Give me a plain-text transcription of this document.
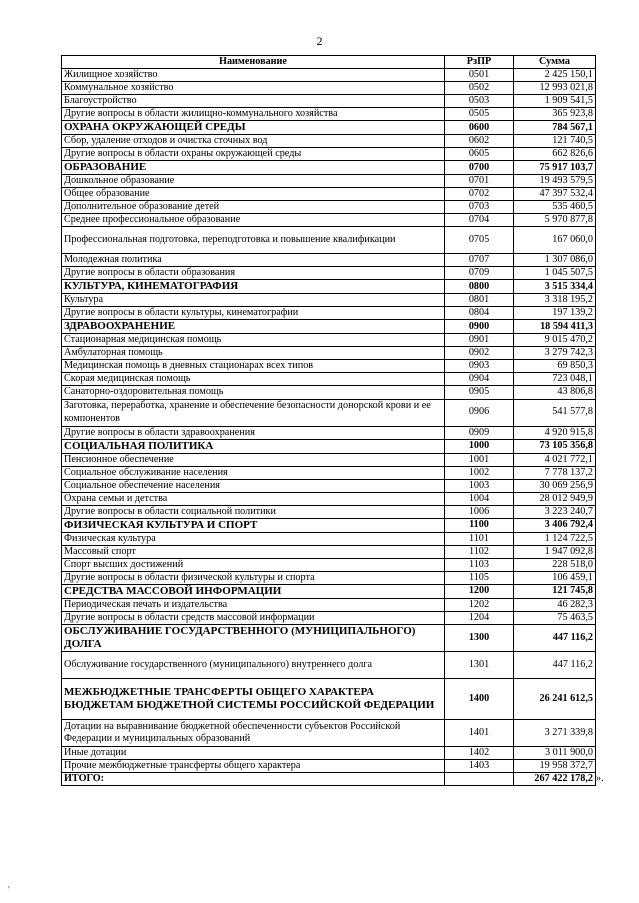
2
Наименование	РзПР	Сумма
Жилищное хозяйство	0501	2 425 150,1
Коммунальное хозяйство	0502	12 993 021,8
Благоустройство	0503	1 909 541,5
Другие вопросы в области жилищно-коммунального хозяйства	0505	365 923,8
ОХРАНА ОКРУЖАЮЩЕЙ СРЕДЫ	0600	784 567,1
Сбор, удаление отходов и очистка сточных вод	0602	121 740,5
Другие вопросы в области охраны окружающей среды	0605	662 826,6
ОБРАЗОВАНИЕ	0700	75 917 103,7
Дошкольное образование	0701	19 493 579,5
Общее образование	0702	47 397 532,4
Дополнительное образование детей	0703	535 460,5
Среднее профессиональное образование	0704	5 970 877,8
Профессиональная подготовка, переподготовка и повышение квалификации	0705	167 060,0
Молодежная политика	0707	1 307 086,0
Другие вопросы в области образования	0709	1 045 507,5
КУЛЬТУРА, КИНЕМАТОГРАФИЯ	0800	3 515 334,4
Культура	0801	3 318 195,2
Другие вопросы в области культуры, кинематографии	0804	197 139,2
ЗДРАВООХРАНЕНИЕ	0900	18 594 411,3
Стационарная медицинская помощь	0901	9 015 470,2
Амбулаторная помощь	0902	3 279 742,3
Медицинская помощь в дневных стационарах всех типов	0903	69 850,3
Скорая медицинская помощь	0904	723 048,1
Санаторно-оздоровительная помощь	0905	43 806,8
Заготовка, переработка, хранение и обеспечение безопасности донорской крови и ее компонентов	0906	541 577,8
Другие вопросы в области здравоохранения	0909	4 920 915,8
СОЦИАЛЬНАЯ ПОЛИТИКА	1000	73 105 356,8
Пенсионное обеспечение	1001	4 021 772,1
Социальное обслуживание населения	1002	7 778 137,2
Социальное обеспечение населения	1003	30 069 256,9
Охрана семьи и детства	1004	28 012 949,9
Другие вопросы в области социальной политики	1006	3 223 240,7
ФИЗИЧЕСКАЯ КУЛЬТУРА И СПОРТ	1100	3 406 792,4
Физическая культура	1101	1 124 722,5
Массовый спорт	1102	1 947 092,8
Спорт высших достижений	1103	228 518,0
Другие вопросы в области физической культуры и спорта	1105	106 459,1
СРЕДСТВА МАССОВОЙ ИНФОРМАЦИИ	1200	121 745,8
Периодическая печать и издательства	1202	46 282,3
Другие вопросы в области средств массовой информации	1204	75 463,5
ОБСЛУЖИВАНИЕ ГОСУДАРСТВЕННОГО (МУНИЦИПАЛЬНОГО) ДОЛГА	1300	447 116,2
Обслуживание государственного (муниципального) внутреннего долга	1301	447 116,2
МЕЖБЮДЖЕТНЫЕ ТРАНСФЕРТЫ ОБЩЕГО ХАРАКТЕРА БЮДЖЕТАМ БЮДЖЕТНОЙ СИСТЕМЫ РОССИЙСКОЙ ФЕДЕРАЦИИ	1400	26 241 612,5
Дотации на выравнивание бюджетной обеспеченности субъектов Российской Федерации и муниципальных образований	1401	3 271 339,8
Иные дотации	1402	3 011 900,0
Прочие межбюджетные трансферты общего характера	1403	19 958 372,7
ИТОГО:		267 422 178,2 ».
'
